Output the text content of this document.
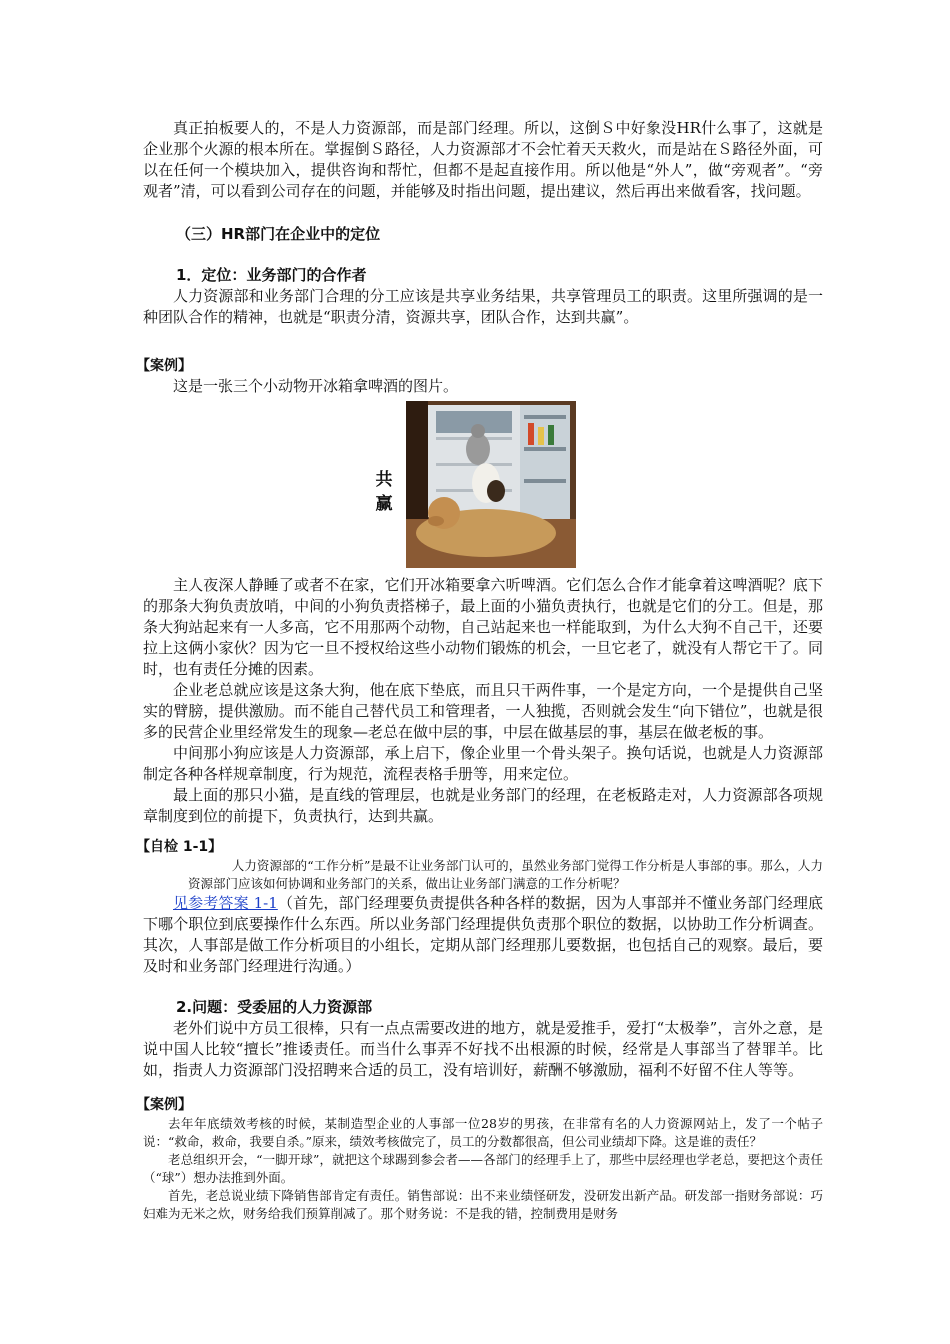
真正拍板要人的，不是人力资源部，而是部门经理。所以，这倒Ｓ中好象没HR什么事了，这就是企业那个火源的根本所在。掌握倒Ｓ路径，人力资源部才不会忙着天天救火，而是站在Ｓ路径外面，可以在任何一个模块加入，提供咨询和帮忙，但都不是起直接作用。所以他是“外人”，做“旁观者”。“旁观者”清，可以看到公司存在的问题，并能够及时指出问题，提出建议，然后再出来做看客，找问题。

（三）HR部门在企业中的定位

1．定位：业务部门的合作者

人力资源部和业务部门合理的分工应该是共享业务结果，共享管理员工的职责。这里所强调的是一种团队合作的精神，也就是“职责分清，资源共享，团队合作，达到共赢”。

【案例】

这是一张三个小动物开冰箱拿啤酒的图片。

共
赢

主人夜深人静睡了或者不在家，它们开冰箱要拿六听啤酒。它们怎么合作才能拿着这啤酒呢？底下的那条大狗负责放哨，中间的小狗负责搭梯子，最上面的小猫负责执行，也就是它们的分工。但是，那条大狗站起来有一人多高，它不用那两个动物，自己站起来也一样能取到，为什么大狗不自己干，还要拉上这俩小家伙？因为它一旦不授权给这些小动物们锻炼的机会，一旦它老了，就没有人帮它干了。同时，也有责任分摊的因素。

企业老总就应该是这条大狗，他在底下垫底，而且只干两件事，一个是定方向，一个是提供自己坚实的臂膀，提供激励。而不能自己替代员工和管理者，一人独揽，否则就会发生“向下错位”，也就是很多的民营企业里经常发生的现象—老总在做中层的事，中层在做基层的事，基层在做老板的事。

中间那小狗应该是人力资源部，承上启下，像企业里一个骨头架子。换句话说，也就是人力资源部制定各种各样规章制度，行为规范，流程表格手册等，用来定位。

最上面的那只小猫，是直线的管理层，也就是业务部门的经理，在老板路走对，人力资源部各项规章制度到位的前提下，负责执行，达到共赢。

【自检 1-1】

人力资源部的“工作分析”是最不让业务部门认可的，虽然业务部门觉得工作分析是人事部的事。那么，人力资源部门应该如何协调和业务部门的关系，做出让业务部门满意的工作分析呢？

见参考答案 1-1（首先，部门经理要负责提供各种各样的数据，因为人事部并不懂业务部门经理底下哪个职位到底要操作什么东西。所以业务部门经理提供负责那个职位的数据，以协助工作分析调查。其次，人事部是做工作分析项目的小组长，定期从部门经理那儿要数据，也包括自己的观察。最后，要及时和业务部门经理进行沟通。）

2.问题：受委屈的人力资源部

老外们说中方员工很棒，只有一点点需要改进的地方，就是爱推手，爱打“太极拳”，言外之意，是说中国人比较“擅长”推诿责任。而当什么事弄不好找不出根源的时候，经常是人事部当了替罪羊。比如，指责人力资源部门没招聘来合适的员工，没有培训好，薪酬不够激励，福利不好留不住人等等。

【案例】

去年年底绩效考核的时候，某制造型企业的人事部一位28岁的男孩，在非常有名的人力资源网站上，发了一个帖子说：“救命，救命，我要自杀。”原来，绩效考核做完了，员工的分数都很高，但公司业绩却下降。这是谁的责任？

老总组织开会，“一脚开球”，就把这个球踢到参会者——各部门的经理手上了，那些中层经理也学老总，要把这个责任（“球”）想办法推到外面。

首先，老总说业绩下降销售部肯定有责任。销售部说：出不来业绩怪研发，没研发出新产品。研发部一指财务部说：巧妇难为无米之炊，财务给我们预算削减了。那个财务说：不是我的错，控制费用是财务
